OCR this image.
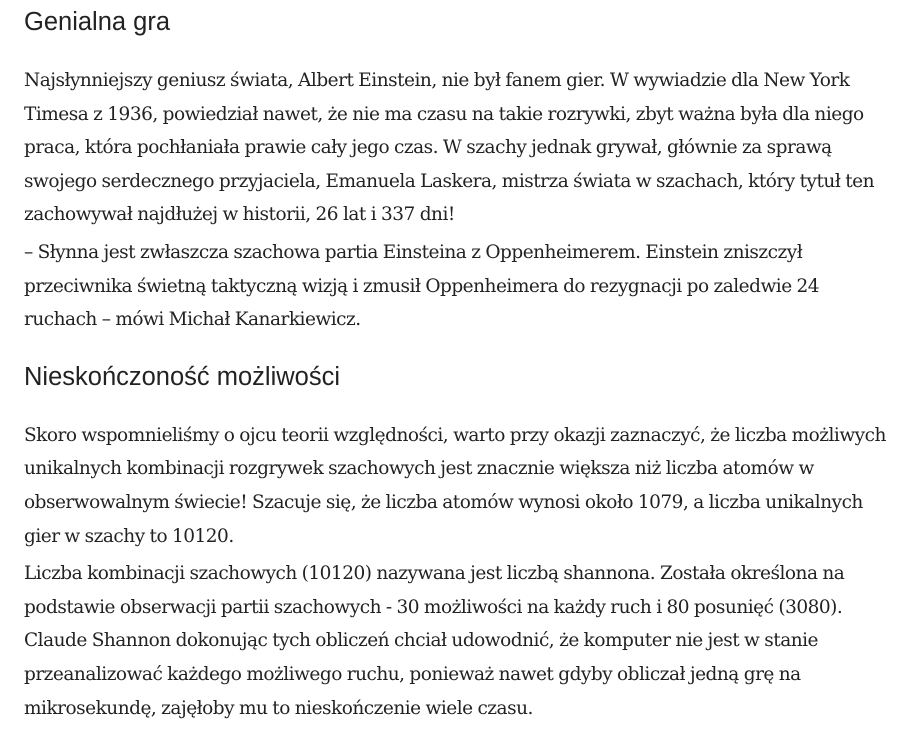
Genialna gra

Najsłynniejszy geniusz świata, Albert Einstein, nie był fanem gier. W wywiadzie dla New York Timesa z 1936, powiedział nawet, że nie ma czasu na takie rozrywki, zbyt ważna była dla niego praca, która pochłaniała prawie cały jego czas. W szachy jednak grywał, głównie za sprawą swojego serdecznego przyjaciela, Emanuela Laskera, mistrza świata w szachach, który tytuł ten zachowywał najdłużej w historii, 26 lat i 337 dni!

– Słynna jest zwłaszcza szachowa partia Einsteina z Oppenheimerem. Einstein zniszczył przeciwnika świetną taktyczną wizją i zmusił Oppenheimera do rezygnacji po zaledwie 24 ruchach – mówi Michał Kanarkiewicz.

Nieskończoność możliwości

Skoro wspomnieliśmy o ojcu teorii względności, warto przy okazji zaznaczyć, że liczba możliwych unikalnych kombinacji rozgrywek szachowych jest znacznie większa niż liczba atomów w obserwowalnym świecie! Szacuje się, że liczba atomów wynosi około 1079, a liczba unikalnych gier w szachy to 10120.

Liczba kombinacji szachowych (10120) nazywana jest liczbą shannona. Została określona na podstawie obserwacji partii szachowych - 30 możliwości na każdy ruch i 80 posunięć (3080). Claude Shannon dokonując tych obliczeń chciał udowodnić, że komputer nie jest w stanie przeanalizować każdego możliwego ruchu, ponieważ nawet gdyby obliczał jedną grę na mikrosekundę, zajęłoby mu to nieskończenie wiele czasu.
